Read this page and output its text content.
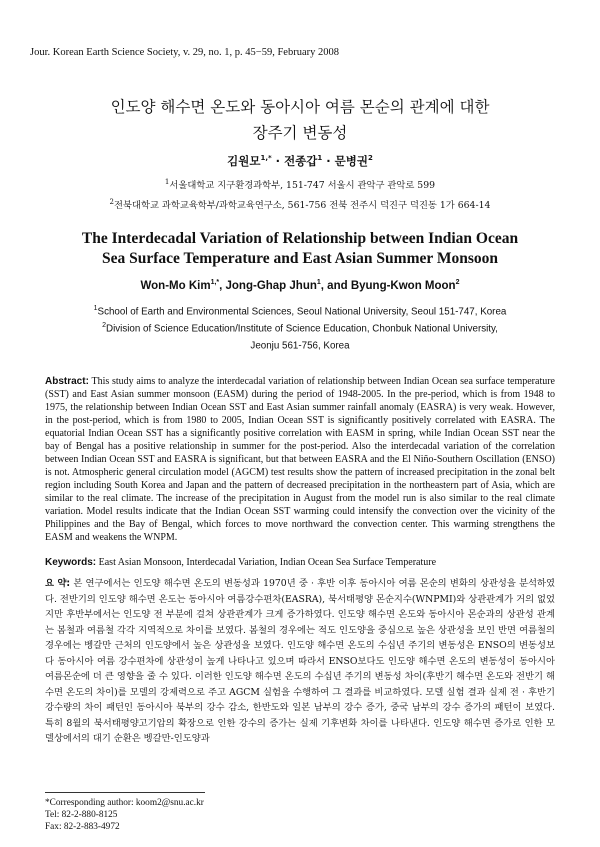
Jour. Korean Earth Science Society, v. 29, no. 1, p. 45−59, February 2008
인도양 해수면 온도와 동아시아 여름 몬순의 관계에 대한
장주기 변동성
김원모$^{1,*}$ · 전종갑$^1$ · 문병권$^2$
$^1$서울대학교 지구환경과학부, 151-747 서울시 관악구 관악로 599
$^2$전북대학교 과학교육학부/과학교육연구소, 561-756 전북 전주시 덕진구 덕진동 1가 664-14
The Interdecadal Variation of Relationship between Indian Ocean
Sea Surface Temperature and East Asian Summer Monsoon
Won-Mo Kim$^{1,*}$, Jong-Ghap Jhun$^1$, and Byung-Kwon Moon$^2$
$^1$School of Earth and Environmental Sciences, Seoul National University, Seoul 151-747, Korea
$^2$Division of Science Education/Institute of Science Education, Chonbuk National University,
Jeonju 561-756, Korea
Abstract: This study aims to analyze the interdecadal variation of relationship between Indian Ocean sea surface temperature (SST) and East Asian summer monsoon (EASM) during the period of 1948-2005. In the pre-period, which is from 1948 to 1975, the relationship between Indian Ocean SST and East Asian summer rainfall anomaly (EASRA) is very weak. However, in the post-period, which is from 1980 to 2005, Indian Ocean SST is significantly positively correlated with EASRA. The equatorial Indian Ocean SST has a significantly positive correlation with EASM in spring, while Indian Ocean SST near the bay of Bengal has a positive relationship in summer for the post-period. Also the interdecadal variation of the correlation between Indian Ocean SST and EASRA is significant, but that between EASRA and the El Niño-Southern Oscillation (ENSO) is not. Atmospheric general circulation model (AGCM) test results show the pattern of increased precipitation in the zonal belt region including South Korea and Japan and the pattern of decreased precipitation in the northeastern part of Asia, which are similar to the real climate. The increase of the precipitation in August from the model run is also similar to the real climate variation. Model results indicate that the Indian Ocean SST warming could intensify the convection over the vicinity of the Philippines and the Bay of Bengal, which forces to move northward the convection center. This warming strengthens the EASM and weakens the WNPM.
Keywords: East Asian Monsoon, Interdecadal Variation, Indian Ocean Sea Surface Temperature
요 약: 본 연구에서는 인도양 해수면 온도의 변동성과 1970년 중 · 후반 이후 동아시아 여름 몬순의 변화의 상관성을 분석하였다. 전반기의 인도양 해수면 온도는 동아시아 여름강수편차(EASRA), 북서태평양 몬순지수(WNPMI)와 상관관계가 거의 없었지만 후반부에서는 인도양 전 부분에 걸쳐 상관관계가 크게 증가하였다. 인도양 해수면 온도와 동아시아 몬순과의 상관성 관계는 봄철과 여름철 각각 지역적으로 차이를 보였다. 봄철의 경우에는 적도 인도양을 중심으로 높은 상관성을 보인 반면 여름철의 경우에는 벵갈만 근처의 인도양에서 높은 상관성을 보였다. 인도양 해수면 온도의 수십년 주기의 변동성은 ENSO의 변동성보다 동아시아 여름 강수편차에 상관성이 높게 나타나고 있으며 따라서 ENSO보다도 인도양 해수면 온도의 변동성이 동아시아 여름몬순에 더 큰 영향을 줄 수 있다. 이러한 인도양 해수면 온도의 수십년 주기의 변동성 차이(후반기 해수면 온도와 전반기 해수면 온도의 차이)를 모델의 강제력으로 주고 AGCM 실험을 수행하여 그 결과를 비교하였다. 모델 실험 결과 실제 전 · 후반기 강수량의 차이 패턴인 동아시아 북부의 강수 감소, 한반도와 일본 남부의 강수 증가, 중국 남부의 강수 증가의 패턴이 보였다. 특히 8월의 북서태평양고기압의 확장으로 인한 강수의 증가는 실제 기후변화 차이를 나타낸다. 인도양 해수면 증가로 인한 모델상에서의 대기 순환은 벵갈만-인도양과
*Corresponding author: koom2@snu.ac.kr
Tel: 82-2-880-8125
Fax: 82-2-883-4972
